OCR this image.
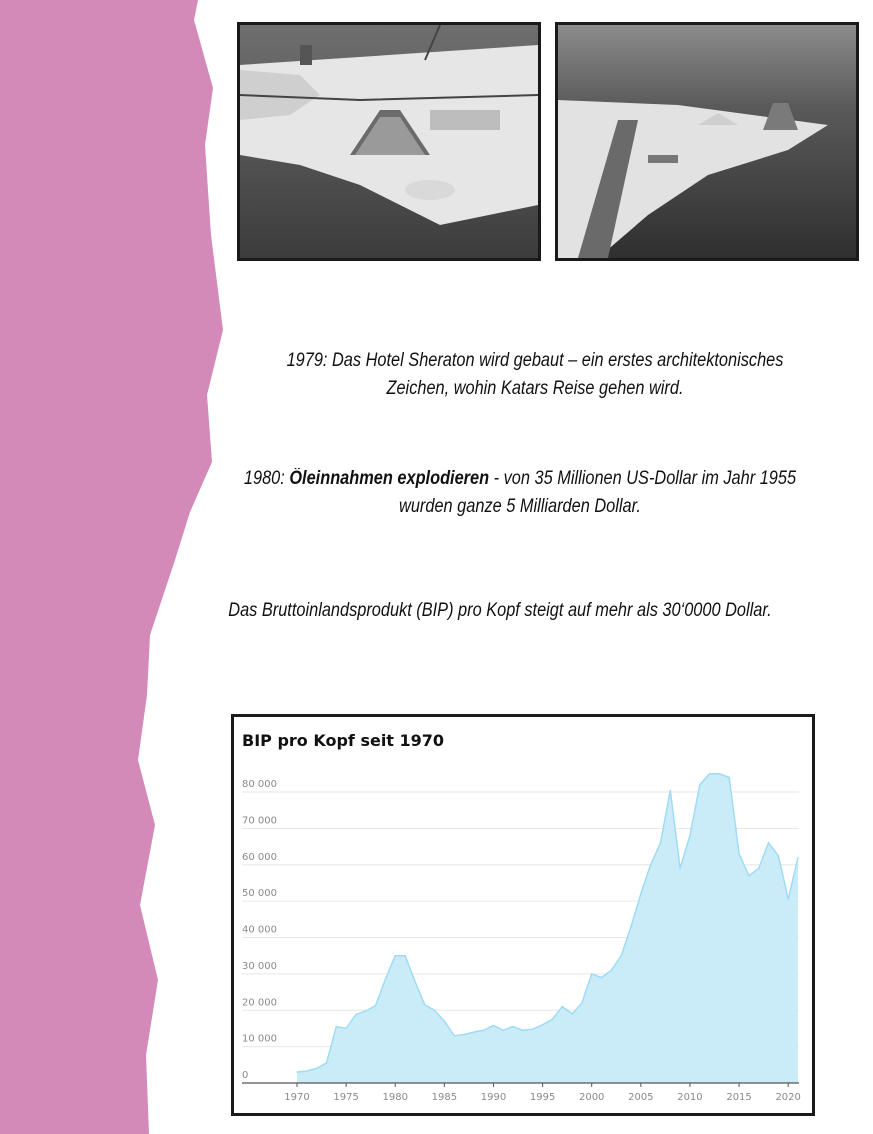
1979: Das Hotel Sheraton wird gebaut – ein erstes architektonisches Zeichen, wohin Katars Reise gehen wird.
1980: Öleinnahmen explodieren - von 35 Millionen US-Dollar im Jahr 1955 wurden ganze 5 Milliarden Dollar.
Das Bruttoinlandsprodukt (BIP) pro Kopf steigt auf mehr als 30‘0000 Dollar.
0
10 000
20 000
30 000
40 000
50 000
60 000
70 000
80 000
1970 1975 1980 1985 1990 1995 2000 2005 2010 2015 2020
BIP pro Kopf seit 1970
